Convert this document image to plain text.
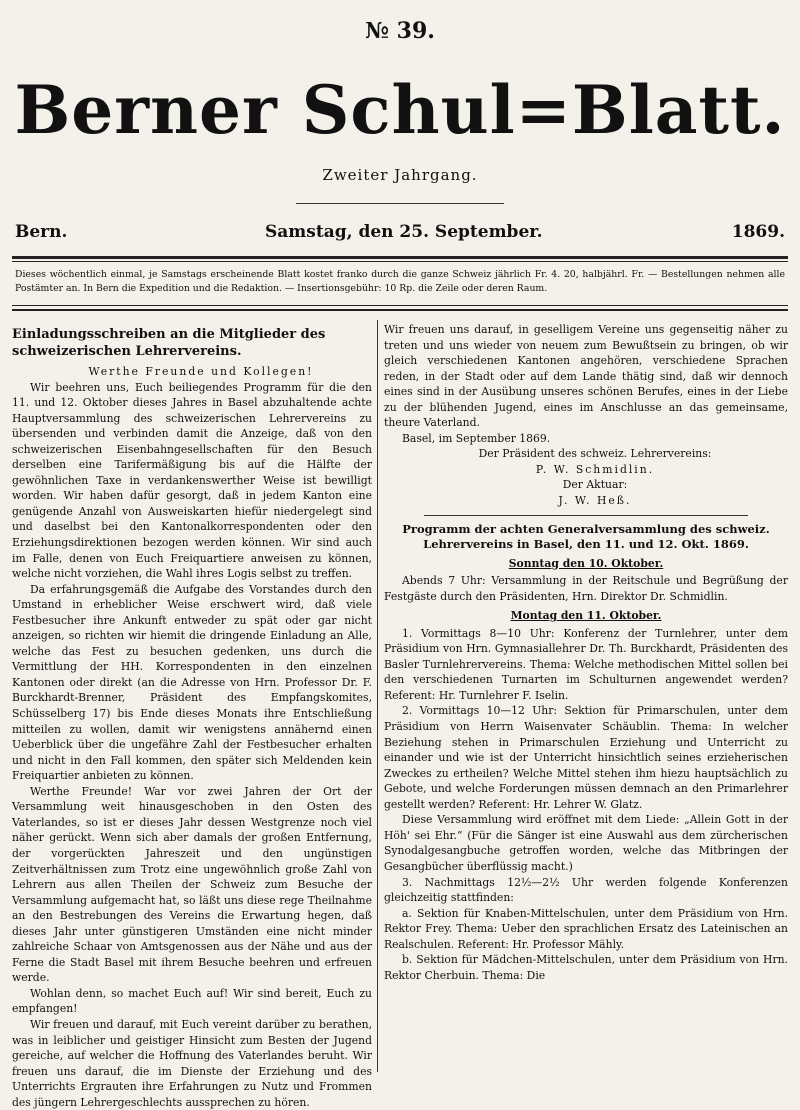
№ 39.
Berner Schul=Blatt.
Zweiter Jahrgang.
Bern.	Samstag, den 25. September.	1869.
Dieses wöchentlich einmal, je Samstags erscheinende Blatt kostet franko durch die ganze Schweiz jährlich Fr. 4. 20, halbjährl. Fr. — Bestellungen nehmen alle Postämter an. In Bern die Expedition und die Redaktion. — Insertionsgebühr: 10 Rp. die Zeile oder deren Raum.
Einladungsschreiben an die Mitglieder des schweizerischen Lehrervereins.

Werthe Freunde und Kollegen!

Wir beehren uns, Euch beiliegendes Programm für die den 11. und 12. Oktober dieses Jahres in Basel abzuhaltende achte Hauptversammlung des schweizerischen Lehrervereins zu übersenden und verbinden damit die Anzeige, daß von den schweizerischen Eisenbahngesellschaften für den Besuch derselben eine Tarifermäßigung bis auf die Hälfte der gewöhnlichen Taxe in verdankenswerther Weise ist bewilligt worden. Wir haben dafür gesorgt, daß in jedem Kanton eine genügende Anzahl von Ausweiskarten hiefür niedergelegt sind und daselbst bei den Kantonalkorrespondenten oder den Erziehungsdirektionen bezogen werden können. Wir sind auch im Falle, denen von Euch Freiquartiere anweisen zu können, welche nicht vorziehen, die Wahl ihres Logis selbst zu treffen.

Da erfahrungsgemäß die Aufgabe des Vorstandes durch den Umstand in erheblicher Weise erschwert wird, daß viele Festbesucher ihre Ankunft entweder zu spät oder gar nicht anzeigen, so richten wir hiemit die dringende Einladung an Alle, welche das Fest zu besuchen gedenken, uns durch die Vermittlung der HH. Korrespondenten in den einzelnen Kantonen oder direkt (an die Adresse von Hrn. Professor Dr. F. Burckhardt-Brenner, Präsident des Empfangskomites, Schüsselberg 17) bis Ende dieses Monats ihre Entschließung mitteilen zu wollen, damit wir wenigstens annähernd einen Ueberblick über die ungefähre Zahl der Festbesucher erhalten und nicht in den Fall kommen, den später sich Meldenden kein Freiquartier anbieten zu können.

Werthe Freunde! War vor zwei Jahren der Ort der Versammlung weit hinausgeschoben in den Osten des Vaterlandes, so ist er dieses Jahr dessen Westgrenze noch viel näher gerückt. Wenn sich aber damals der großen Entfernung, der vorgerückten Jahreszeit und den ungünstigen Zeitverhältnissen zum Trotz eine ungewöhnlich große Zahl von Lehrern aus allen Theilen der Schweiz zum Besuche der Versammlung aufgemacht hat, so läßt uns diese rege Theilnahme an den Bestrebungen des Vereins die Erwartung hegen, daß dieses Jahr unter günstigeren Umständen eine nicht minder zahlreiche Schaar von Amtsgenossen aus der Nähe und aus der Ferne die Stadt Basel mit ihrem Besuche beehren und erfreuen werde.

Wohlan denn, so machet Euch auf! Wir sind bereit, Euch zu empfangen!

Wir freuen und darauf, mit Euch vereint darüber zu berathen, was in leiblicher und geistiger Hinsicht zum Besten der Jugend gereiche, auf welcher die Hoffnung des Vaterlandes beruht. Wir freuen uns darauf, die im Dienste der Erziehung und des Unterrichts Ergrauten ihre Erfahrungen zu Nutz und Frommen des jüngern Lehrergeschlechts aussprechen zu hören.

Wir freuen uns darauf, in geselligem Vereine uns gegenseitig näher zu treten und uns wieder von neuem zum Bewußtsein zu bringen, ob wir gleich verschiedenen Kantonen angehören, verschiedene Sprachen reden, in der Stadt oder auf dem Lande thätig sind, daß wir dennoch eines sind in der Ausübung unseres schönen Berufes, eines in der Liebe zu der blühenden Jugend, eines im Anschlusse an das gemeinsame, theure Vaterland.

Basel, im September 1869.

Der Präsident des schweiz. Lehrervereins:

P. W. Schmidlin.

Der Aktuar:

J. W. Heß.

Programm der achten Generalversammlung des schweiz. Lehrervereins in Basel, den 11. und 12. Okt. 1869.
Sonntag den 10. Oktober.

Abends 7 Uhr: Versammlung in der Reitschule und Begrüßung der Festgäste durch den Präsidenten, Hrn. Direktor Dr. Schmidlin.

Montag den 11. Oktober.

1. Vormittags 8—10 Uhr: Konferenz der Turnlehrer, unter dem Präsidium von Hrn. Gymnasiallehrer Dr. Th. Burckhardt, Präsidenten des Basler Turnlehrervereins. Thema: Welche methodischen Mittel sollen bei den verschiedenen Turnarten im Schulturnen angewendet werden? Referent: Hr. Turnlehrer F. Iselin.

2. Vormittags 10—12 Uhr: Sektion für Primarschulen, unter dem Präsidium von Herrn Waisenvater Schäublin. Thema: In welcher Beziehung stehen in Primarschulen Erziehung und Unterricht zu einander und wie ist der Unterricht hinsichtlich seines erzieherischen Zweckes zu ertheilen? Welche Mittel stehen ihm hiezu hauptsächlich zu Gebote, und welche Forderungen müssen demnach an den Primarlehrer gestellt werden? Referent: Hr. Lehrer W. Glatz.

Diese Versammlung wird eröffnet mit dem Liede: „Allein Gott in der Höh' sei Ehr.“ (Für die Sänger ist eine Auswahl aus dem zürcherischen Synodalgesangbuche getroffen worden, welche das Mitbringen der Gesangbücher überflüssig macht.)

3. Nachmittags 12½—2½ Uhr werden folgende Konferenzen gleichzeitig stattfinden:

a. Sektion für Knaben-Mittelschulen, unter dem Präsidium von Hrn. Rektor Frey. Thema: Ueber den sprachlichen Ersatz des Lateinischen an Realschulen. Referent: Hr. Professor Mähly.

b. Sektion für Mädchen-Mittelschulen, unter dem Präsidium von Hrn. Rektor Cherbuin. Thema: Die
